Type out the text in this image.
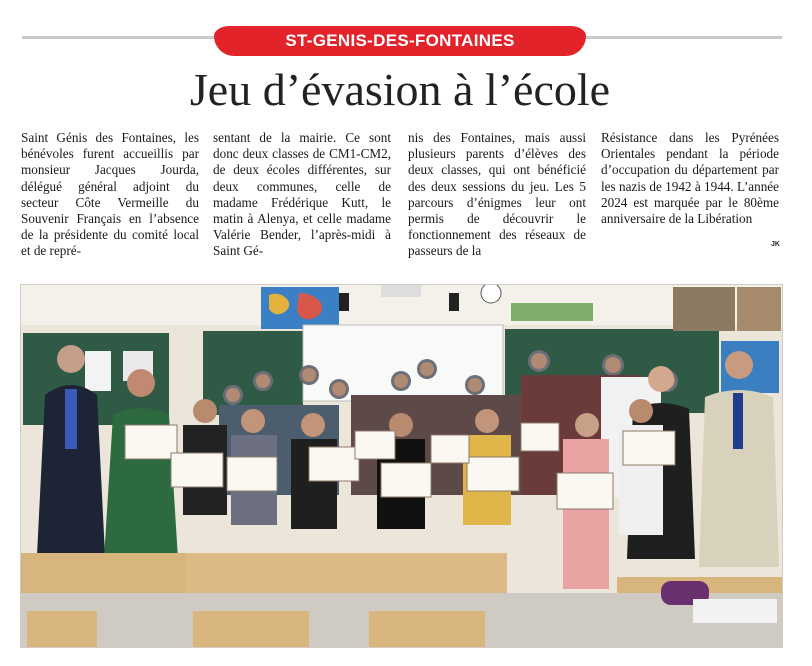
ST-GENIS-DES-FONTAINES
Jeu d’évasion à l’école

Saint Génis des Fontaines, les bénévoles furent accueillis par monsieur Jacques Jourda, délégué général adjoint du secteur Côte Vermeille du Souvenir Français en l’absence de la présidente du comité local et de repré-

sentant de la mairie. Ce sont donc deux classes de CM1-CM2, de deux écoles différentes, sur deux communes, celle de madame Frédérique Kutt, le matin à Alenya, et celle madame Valérie Bender, l’après-midi à Saint Gé-

nis des Fontaines, mais aussi plusieurs parents d’élèves des deux classes, qui ont bénéficié des deux sessions du jeu. Les 5 parcours d’énigmes leur ont permis de découvrir le fonctionnement des réseaux de passeurs de la

Résistance dans les Pyrénées Orientales pendant la période d’occupation du département par les nazis de 1942 à 1944. L’année 2024 est marquée par le 80ème anniversaire de la Libération

JK
